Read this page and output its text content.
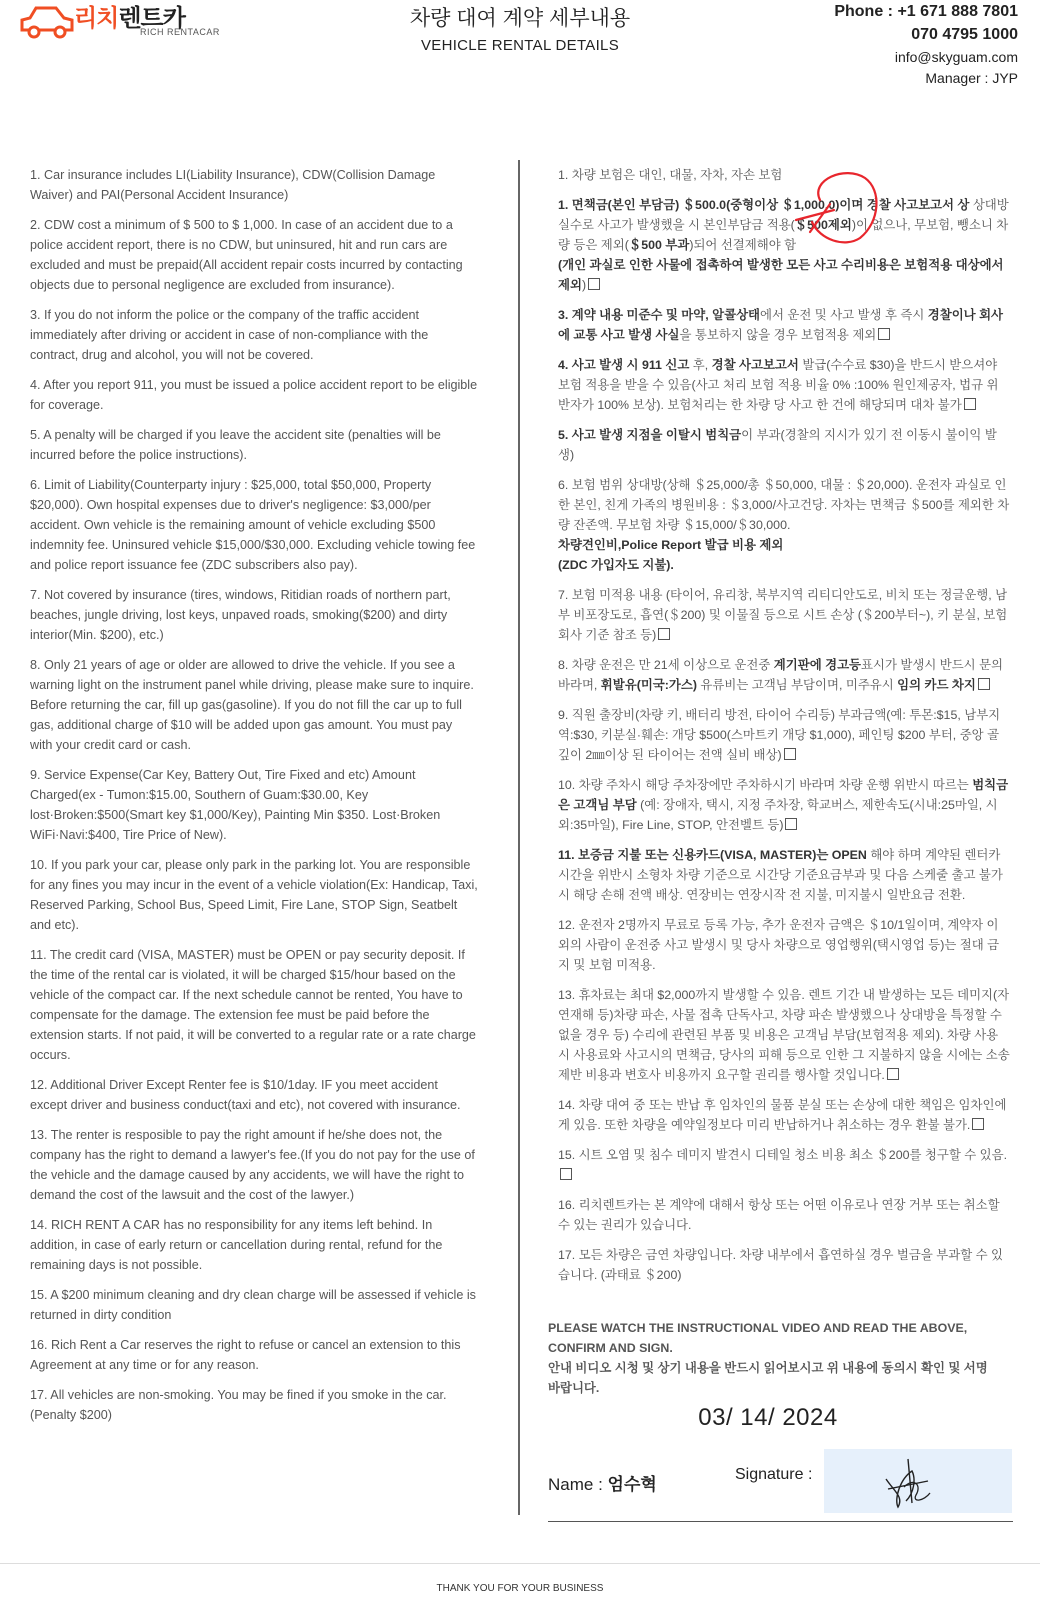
리치렌트카
RICH RENTACAR
차량 대여 계약 세부내용
VEHICLE RENTAL DETAILS
Phone : +1 671 888 7801
070 4795 1000
info@skyguam.com
Manager : JYP

1. Car insurance includes LI(Liability Insurance), CDW(Collision Damage Waiver) and PAI(Personal Accident Insurance)

2. CDW cost a minimum of $ 500 to $ 1,000. In case of an accident due to a police accident report, there is no CDW, but uninsured, hit and run cars are excluded and must be prepaid(All accident repair costs incurred by contacting objects due to personal negligence are excluded from insurance).

3. If you do not inform the police or the company of the traffic accident immediately after driving or accident in case of non-compliance with the contract, drug and alcohol, you will not be covered.

4. After you report 911, you must be issued a police accident report to be eligible for coverage.

5. A penalty will be charged if you leave the accident site (penalties will be incurred before the police instructions).

6. Limit of Liability(Counterparty injury : $25,000, total $50,000, Property $20,000). Own hospital expenses due to driver's negligence: $3,000/per accident. Own vehicle is the remaining amount of vehicle excluding $500 indemnity fee. Uninsured vehicle $15,000/$30,000. Excluding vehicle towing fee and police report issuance fee (ZDC subscribers also pay).

7. Not covered by insurance (tires, windows, Ritidian roads of northern part, beaches, jungle driving, lost keys, unpaved roads, smoking($200) and dirty interior(Min. $200), etc.)

8. Only 21 years of age or older are allowed to drive the vehicle. If you see a warning light on the instrument panel while driving, please make sure to inquire. Before returning the car, fill up gas(gasoline). If you do not fill the car up to full gas, additional charge of $10 will be added upon gas amount. You must pay with your credit card or cash.

9. Service Expense(Car Key, Battery Out, Tire Fixed and etc) Amount Charged(ex - Tumon:$15.00, Southern of Guam:$30.00, Key lost·Broken:$500(Smart key $1,000/Key), Painting Min $350. Lost·Broken WiFi·Navi:$400, Tire Price of New).

10. If you park your car, please only park in the parking lot. You are responsible for any fines you may incur in the event of a vehicle violation(Ex: Handicap, Taxi, Reserved Parking, School Bus, Speed Limit, Fire Lane, STOP Sign, Seatbelt and etc).

11. The credit card (VISA, MASTER) must be OPEN or pay security deposit. If the time of the rental car is violated, it will be charged $15/hour based on the vehicle of the compact car. If the next schedule cannot be rented, You have to compensate for the damage. The extension fee must be paid before the extension starts. If not paid, it will be converted to a regular rate or a rate charge occurs.

12. Additional Driver Except Renter fee is $10/1day. IF you meet accident except driver and business conduct(taxi and etc), not covered with insurance.

13. The renter is resposible to pay the right amount if he/she does not, the company has the right to demand a lawyer's fee.(If you do not pay for the use of the vehicle and the damage caused by any accidents, we will have the right to demand the cost of the lawsuit and the cost of the lawyer.)

14. RICH RENT A CAR has no responsibility for any items left behind. In addition, in case of early return or cancellation during rental, refund for the remaining days is not possible.

15. A $200 minimum cleaning and dry clean charge will be assessed if vehicle is returned in dirty condition

16. Rich Rent a Car reserves the right to refuse or cancel an extension to this Agreement at any time or for any reason.

17. All vehicles are non-smoking. You may be fined if you smoke in the car.(Penalty $200)

1. 차량 보험은 대인, 대물, 자차, 자손 보험

1. 면책금(본인 부담금) ＄500.0(중형이상 ＄1,000.0)이며 경찰 사고보고서 상 상대방 실수로 사고가 발생했을 시 본인부담금 적용(＄500제외)이 없으나, 무보험, 뺑소니 차량 등은 제외(＄500 부과)되어 선결제해야 함
(개인 과실로 인한 사물에 접촉하여 발생한 모든 사고 수리비용은 보험적용 대상에서 제외)

3. 계약 내용 미준수 및 마약, 알콜상태에서 운전 및 사고 발생 후 즉시 경찰이나 회사에 교통 사고 발생 사실을 통보하지 않을 경우 보험적용 제외

4. 사고 발생 시 911 신고 후, 경찰 사고보고서 발급(수수료 $30)을 반드시 받으셔야 보험 적용을 받을 수 있음(사고 처리 보험 적용 비율 0% :100% 원인제공자, 법규 위반자가 100% 보상). 보험처리는 한 차량 당 사고 한 건에 해당되며 대차 불가

5. 사고 발생 지점을 이탈시 범칙금이 부과(경찰의 지시가 있기 전 이동시 불이익 발생)

6. 보험 범위 상대방(상해 ＄25,000/총 ＄50,000, 대물 : ＄20,000). 운전자 과실로 인한 본인, 친게 가족의 병원비용 : ＄3,000/사고건당. 자차는 면책금 ＄500를 제외한 차량 잔존액. 무보험 차량 ＄15,000/＄30,000.
차량견인비,Police Report 발급 비용 제외
(ZDC 가입자도 지불).

7. 보험 미적용 내용 (타이어, 유리창, 북부지역 리티디안도로, 비치 또는 정글운행, 남부 비포장도로, 흡연(＄200) 및 이물질 등으로 시트 손상 (＄200부터~), 키 분실, 보험회사 기준 참조 등)

8. 차량 운전은 만 21세 이상으로 운전중 계기판에 경고등표시가 발생시 반드시 문의 바라며, 휘발유(미국:가스) 유류비는 고객님 부담이며, 미주유시 임의 카드 차지

9. 직원 출장비(차량 키, 배터리 방전, 타이어 수리등) 부과금액(예: 투몬:$15, 남부지역:$30, 키분실·훼손: 개당 $500(스마트키 개당 $1,000), 페인팅 $200 부터, 중앙 골 깊이 2㎜이상 된 타이어는 전액 실비 배상)

10. 차량 주차시 해당 주차장에만 주차하시기 바라며 차량 운행 위반시 따르는 범칙금은 고객님 부담 (예: 장애자, 택시, 지정 주차장, 학교버스, 제한속도(시내:25마일, 시외:35마일), Fire Line, STOP, 안전벨트 등)

11. 보증금 지불 또는 신용카드(VISA, MASTER)는 OPEN 해야 하며 계약된 렌터카 시간을 위반시 소형차 차량 기준으로 시간당 기준요금부과 및 다음 스케줄 출고 불가시 해당 손해 전액 배상. 연장비는 연장시작 전 지불, 미지불시 일반요금 전환.

12. 운전자 2명까지 무료로 등록 가능, 추가 운전자 금액은 ＄10/1일이며, 계약자 이외의 사람이 운전중 사고 발생시 및 당사 차량으로 영업행위(택시영업 등)는 절대 금지 및 보험 미적용.

13. 휴차료는 최대 $2,000까지 발생할 수 있음. 렌트 기간 내 발생하는 모든 데미지(자연재해 등)차량 파손, 사물 접촉 단독사고, 차량 파손 발생했으나 상대방을 특정할 수 없을 경우 등) 수리에 관련된 부품 및 비용은 고객님 부담(보험적용 제외). 차량 사용시 사용료와 사고시의 면책금, 당사의 피해 등으로 인한 그 지불하지 않을 시에는 소송제반 비용과 변호사 비용까지 요구할 권리를 행사할 것입니다.

14. 차량 대여 중 또는 반납 후 임차인의 물품 분실 또는 손상에 대한 책임은 임차인에게 있음. 또한 차량을 예약일정보다 미리 반납하거나 취소하는 경우 환불 불가.

15. 시트 오염 및 침수 데미지 발견시 디테일 청소 비용 최소 ＄200를 청구할 수 있음.

16. 리치렌트카는 본 계약에 대해서 항상 또는 어떤 이유로나 연장 거부 또는 취소할 수 있는 권리가 있습니다.

17. 모든 차량은 금연 차량입니다. 차량 내부에서 흡연하실 경우 벌금을 부과할 수 있습니다. (과태료 ＄200)

PLEASE WATCH THE INSTRUCTIONAL VIDEO AND READ THE ABOVE, CONFIRM AND SIGN.
안내 비디오 시청 및 상기 내용을 반드시 읽어보시고 위 내용에 동의시 확인 및 서명 바랍니다.
03/ 14/ 2024
Name : 엄수혁
Signature :
THANK YOU FOR YOUR BUSINESS
